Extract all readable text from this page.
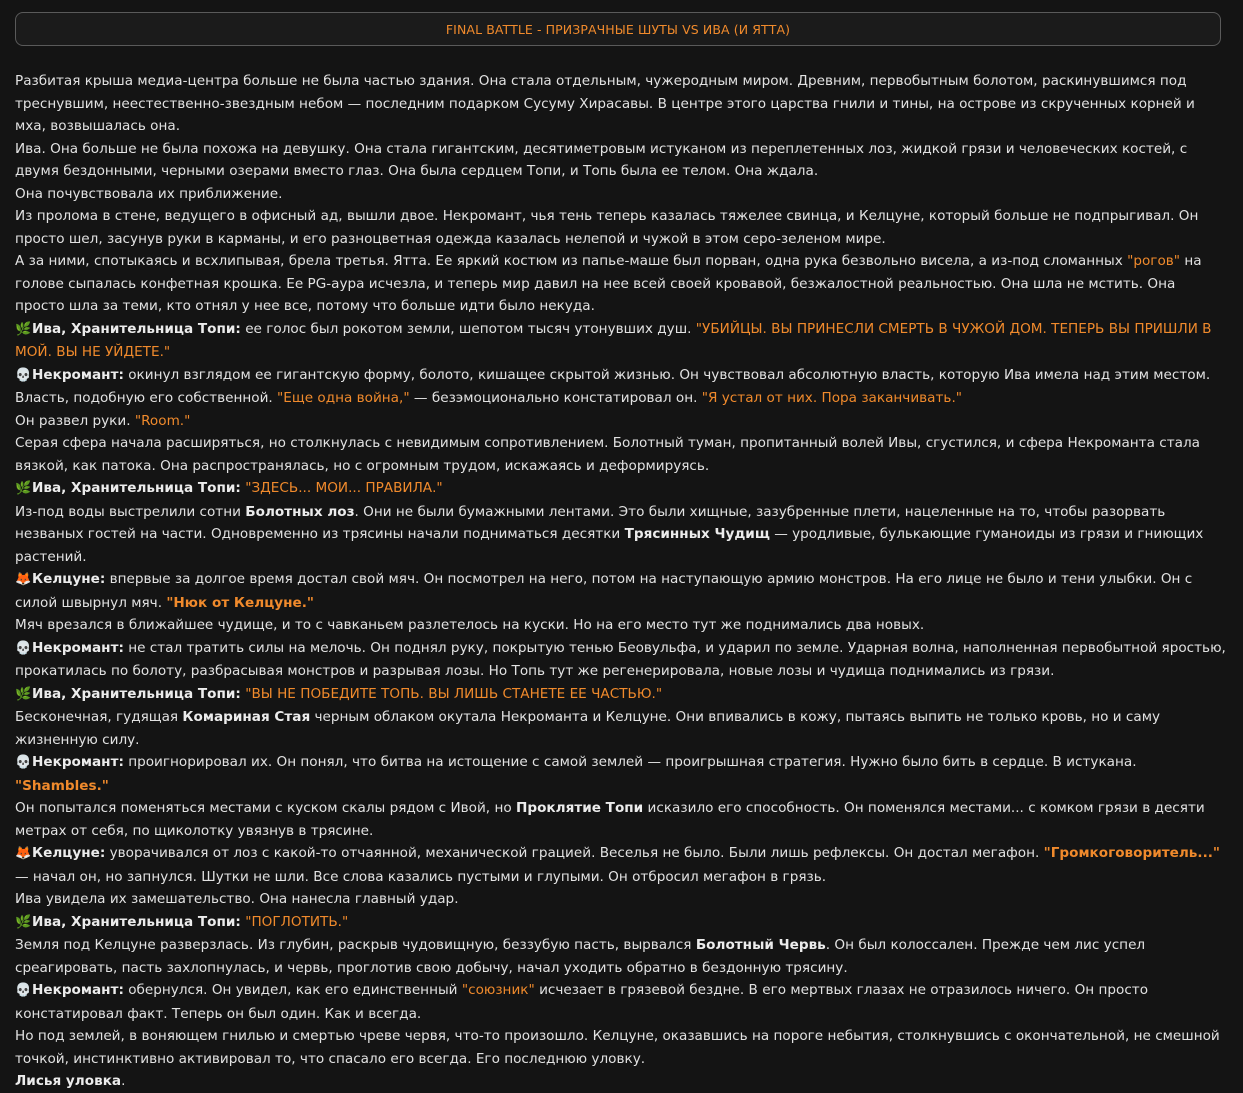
FINAL BATTLE - ПРИЗРАЧНЫЕ ШУТЫ VS ИВА (И ЯТТА)

Разбитая крыша медиа-центра больше не была частью здания. Она стала отдельным, чужеродным миром. Древним, первобытным болотом, раскинувшимся под треснувшим, неестественно-звездным небом — последним подарком Сусуму Хирасавы. В центре этого царства гнили и тины, на острове из скрученных корней и мха, возвышалась она.

Ива. Она больше не была похожа на девушку. Она стала гигантским, десятиметровым истуканом из переплетенных лоз, жидкой грязи и человеческих костей, с двумя бездонными, черными озерами вместо глаз. Она была сердцем Топи, и Топь была ее телом. Она ждала.

Она почувствовала их приближение.

Из пролома в стене, ведущего в офисный ад, вышли двое. Некромант, чья тень теперь казалась тяжелее свинца, и Келцуне, который больше не подпрыгивал. Он просто шел, засунув руки в карманы, и его разноцветная одежда казалась нелепой и чужой в этом серо-зеленом мире.

А за ними, спотыкаясь и всхлипывая, брела третья. Ятта. Ее яркий костюм из папье-маше был порван, одна рука безвольно висела, а из-под сломанных "рогов" на голове сыпалась конфетная крошка. Ее PG-аура исчезла, и теперь мир давил на нее всей своей кровавой, безжалостной реальностью. Она шла не мстить. Она просто шла за теми, кто отнял у нее все, потому что больше идти было некуда.

🌿Ива, Хранительница Топи: ее голос был рокотом земли, шепотом тысяч утонувших душ. "УБИЙЦЫ. ВЫ ПРИНЕСЛИ СМЕРТЬ В ЧУЖОЙ ДОМ. ТЕПЕРЬ ВЫ ПРИШЛИ В МОЙ. ВЫ НЕ УЙДЕТЕ."

💀Некромант: окинул взглядом ее гигантскую форму, болото, кишащее скрытой жизнью. Он чувствовал абсолютную власть, которую Ива имела над этим местом. Власть, подобную его собственной. "Еще одна война," — безэмоционально констатировал он. "Я устал от них. Пора заканчивать."

Он развел руки. "Room."

Серая сфера начала расширяться, но столкнулась с невидимым сопротивлением. Болотный туман, пропитанный волей Ивы, сгустился, и сфера Некроманта стала вязкой, как патока. Она распространялась, но с огромным трудом, искажаясь и деформируясь.

🌿Ива, Хранительница Топи: "ЗДЕСЬ... МОИ... ПРАВИЛА."

Из-под воды выстрелили сотни Болотных лоз. Они не были бумажными лентами. Это были хищные, зазубренные плети, нацеленные на то, чтобы разорвать незваных гостей на части. Одновременно из трясины начали подниматься десятки Трясинных Чудищ — уродливые, булькающие гуманоиды из грязи и гниющих растений.

🦊Келцуне: впервые за долгое время достал свой мяч. Он посмотрел на него, потом на наступающую армию монстров. На его лице не было и тени улыбки. Он с силой швырнул мяч. "Нюк от Келцуне."

Мяч врезался в ближайшее чудище, и то с чавканьем разлетелось на куски. Но на его место тут же поднимались два новых.

💀Некромант: не стал тратить силы на мелочь. Он поднял руку, покрытую тенью Беовульфа, и ударил по земле. Ударная волна, наполненная первобытной яростью, прокатилась по болоту, разбрасывая монстров и разрывая лозы. Но Топь тут же регенерировала, новые лозы и чудища поднимались из грязи.

🌿Ива, Хранительница Топи: "ВЫ НЕ ПОБЕДИТЕ ТОПЬ. ВЫ ЛИШЬ СТАНЕТЕ ЕЕ ЧАСТЬЮ."

Бесконечная, гудящая Комариная Стая черным облаком окутала Некроманта и Келцуне. Они впивались в кожу, пытаясь выпить не только кровь, но и саму жизненную силу.

💀Некромант: проигнорировал их. Он понял, что битва на истощение с самой землей — проигрышная стратегия. Нужно было бить в сердце. В истукана. "Shambles."

Он попытался поменяться местами с куском скалы рядом с Ивой, но Проклятие Топи исказило его способность. Он поменялся местами... с комком грязи в десяти метрах от себя, по щиколотку увязнув в трясине.

🦊Келцуне: уворачивался от лоз с какой-то отчаянной, механической грацией. Веселья не было. Были лишь рефлексы. Он достал мегафон. "Громкоговоритель..." — начал он, но запнулся. Шутки не шли. Все слова казались пустыми и глупыми. Он отбросил мегафон в грязь.

Ива увидела их замешательство. Она нанесла главный удар.

🌿Ива, Хранительница Топи: "ПОГЛОТИТЬ."

Земля под Келцуне разверзлась. Из глубин, раскрыв чудовищную, беззубую пасть, вырвался Болотный Червь. Он был колоссален. Прежде чем лис успел среагировать, пасть захлопнулась, и червь, проглотив свою добычу, начал уходить обратно в бездонную трясину.

💀Некромант: обернулся. Он увидел, как его единственный "союзник" исчезает в грязевой бездне. В его мертвых глазах не отразилось ничего. Он просто констатировал факт. Теперь он был один. Как и всегда.

Но под землей, в воняющем гнилью и смертью чреве червя, что-то произошло. Келцуне, оказавшись на пороге небытия, столкнувшись с окончательной, не смешной точкой, инстинктивно активировал то, что спасало его всегда. Его последнюю уловку.

Лисья уловка.
